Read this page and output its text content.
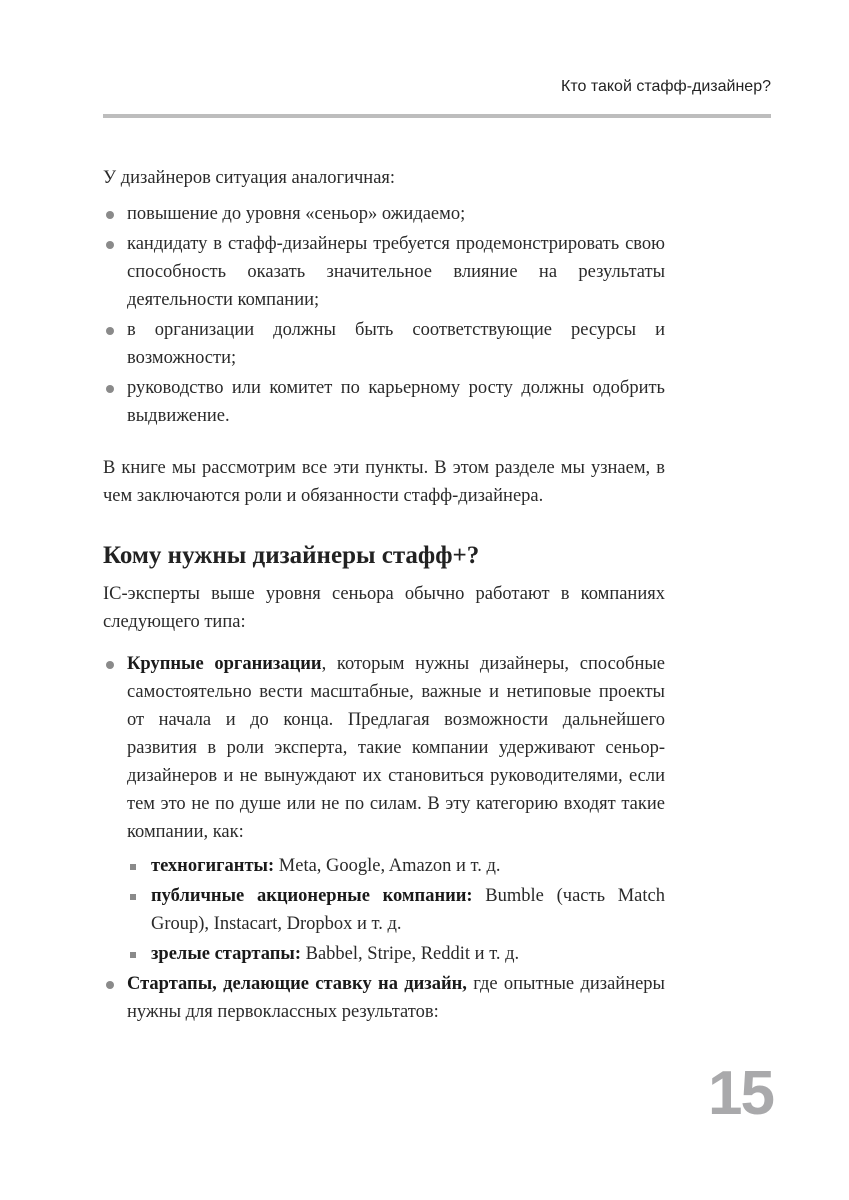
Кто такой стафф-дизайнер?

У дизайнеров ситуация аналогичная:

повышение до уровня «сеньор» ожидаемо;
кандидату в стафф-дизайнеры требуется продемонстрировать свою способность оказать значительное влияние на результаты деятельности компании;
в организации должны быть соответствующие ресурсы и возможности;
руководство или комитет по карьерному росту должны одобрить выдвижение.

В книге мы рассмотрим все эти пункты. В этом разделе мы узнаем, в чем заключаются роли и обязанности стафф-дизайнера.

Кому нужны дизайнеры стафф+?

IC-эксперты выше уровня сеньора обычно работают в компаниях следующего типа:

Крупные организации, которым нужны дизайнеры, способные самостоятельно вести масштабные, важные и нетиповые проекты от начала и до конца. Предлагая возможности дальнейшего развития в роли эксперта, такие компании удерживают сеньор-дизайнеров и не вынуждают их становиться руководителями, если тем это не по душе или не по силам. В эту категорию входят такие компании, как:
техногиганты: Meta, Google, Amazon и т. д.
публичные акционерные компании: Bumble (часть Match Group), Instacart, Dropbox и т. д.
зрелые стартапы: Babbel, Stripe, Reddit и т. д.
Стартапы, делающие ставку на дизайн, где опытные дизайнеры нужны для первоклассных результатов:
15
